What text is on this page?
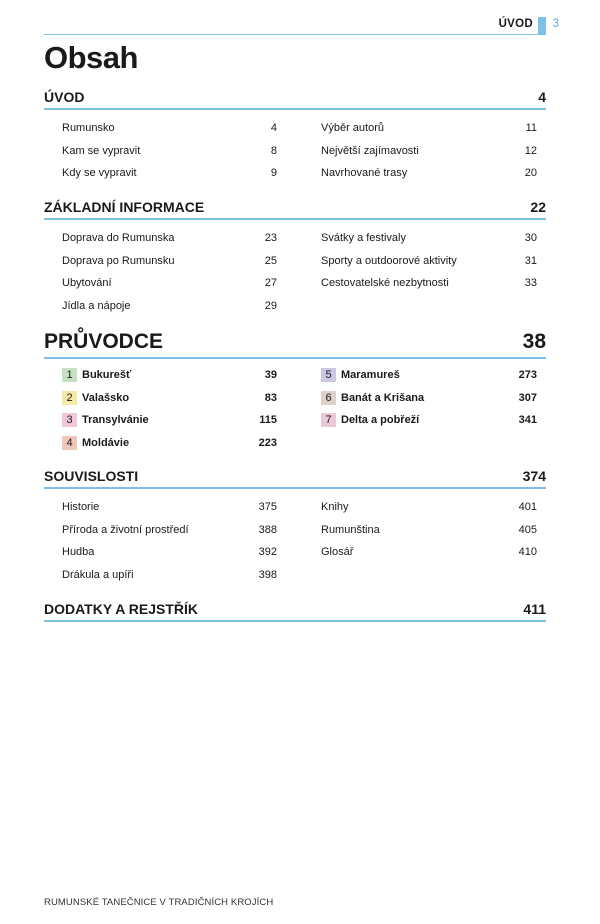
ÚVOD 3
Obsah
ÚVOD	4
Rumunsko	4
Kam se vypravit	8
Kdy se vypravit	9
Výběr autorů	11
Největší zajímavosti	12
Navrhované trasy	20
ZÁKLADNÍ INFORMACE	22
Doprava do Rumunska	23
Doprava po Rumunsku	25
Ubytování	27
Jídla a nápoje	29
Svátky a festivaly	30
Sporty a outdoorové aktivity	31
Cestovatelské nezbytnosti	33
PRŮVODCE	38
1 Bukurešť	39
2 Valašsko	83
3 Transylvánie	115
4 Moldávie	223
5 Maramureš	273
6 Banát a Krišana	307
7 Delta a pobřeží	341
SOUVISLOSTI	374
Historie	375
Příroda a životní prostředí	388
Hudba	392
Drákula a upíři	398
Knihy	401
Rumunština	405
Glosář	410
DODATKY A REJSTŘÍK	411
RUMUNSKÉ TANEČNICE V TRADIČNÍCH KROJÍCH
